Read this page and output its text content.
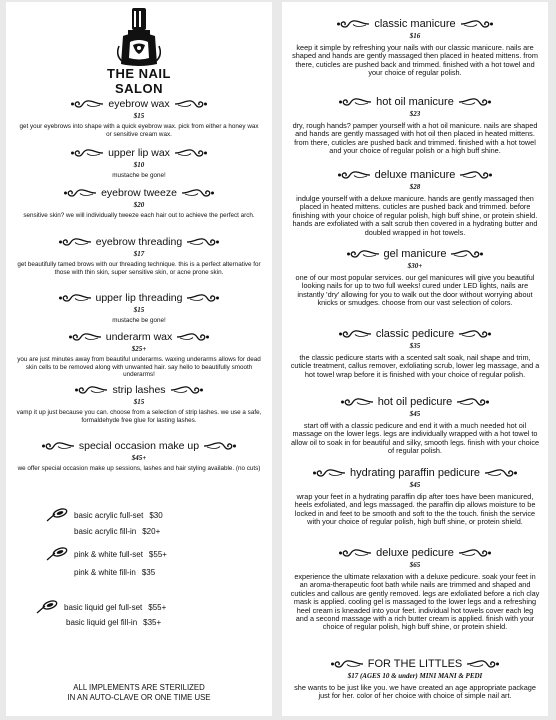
THE NAIL SALON
eyebrow wax
$15
get your eyebrows into shape with a quick eyebrow wax. pick from either a honey wax or sensitive cream wax.
upper lip wax
$10
mustache be gone!
eyebrow tweeze
$20
sensitive skin? we will individually tweeze each hair out to achieve the perfect arch.
eyebrow threading
$17
get beautifully tamed brows with our threading technique. this is a perfect alternative for those with thin skin, super sensitive skin, or acne prone skin.
upper lip threading
$15
mustache be gone!
underarm wax
$25+
you are just minutes away from beautiful underarms. waxing underarms allows for dead skin cells to be removed along with unwanted hair. say hello to beautifully smooth underarms!
strip lashes
$15
vamp it up just because you can. choose from a selection of strip lashes. we use a safe, formaldehyde free glue for lasting lashes.
special occasion make up
$45+
we offer special occasion make up sessions, lashes and hair styling available. (no cuts)
basic acrylic full-set $30
basic acrylic fill-in $20+
pink & white full-set $55+
pink & white fill-in $35
basic liquid gel full-set $55+
basic liquid gel fill-in $35+
ALL IMPLEMENTS ARE STERILIZED
IN AN AUTO-CLAVE OR ONE TIME USE
classic manicure
$16
keep it simple by refreshing your nails with our classic manicure. nails are shaped and hands are gently massaged then placed in heated mittens. from there, cuticles are pushed back and trimmed. finished with a hot towel and your choice of regular polish.
hot oil manicure
$23
dry, rough hands? pamper yourself with a hot oil manicure. nails are shaped and hands are gently massaged with hot oil then placed in heated mittens. from there, cuticles are pushed back and trimmed. finished with a hot towel and your choice of regular polish or a high buff shine.
deluxe manicure
$28
indulge yourself with a deluxe manicure. hands are gently massaged then placed in heated mittens. cuticles are pushed back and trimmed. before finishing with your choice of regular polish, high buff shine, or protein shield. hands are exfoliated with a salt scrub then covered in a hydrating butter and doubled wrapped in hot towels.
gel manicure
$30+
one of our most popular services. our gel manicures will give you beautiful looking nails for up to two full weeks! cured under LED lights, nails are instantly 'dry' allowing for you to walk out the door without worrying about knicks or smudges. choose from our vast selection of colors.
classic pedicure
$35
the classic pedicure starts with a scented salt soak, nail shape and trim, cuticle treatment, callus remover, exfoliating scrub, lower leg massage, and a hot towel wrap before it is finished with your choice of regular polish.
hot oil pedicure
$45
start off with a classic pedicure and end it with a much needed hot oil massage on the lower legs. legs are individually wrapped with a hot towel to allow oil to soak in for beautiful and silky, smooth legs. finish with your choice of regular polish.
hydrating paraffin pedicure
$45
wrap your feet in a hydrating paraffin dip after toes have been manicured, heels exfoliated, and legs massaged. the paraffin dip allows moisture to be locked in and feet to be smooth and soft to the the touch. finish the service with your choice of regular polish, high buff shine, or protein shield.
deluxe pedicure
$65
experience the ultimate relaxation with a deluxe pedicure. soak your feet in an aroma-therapeutic foot bath while nails are trimmed and shaped and cuticles and callous are gently removed. legs are exfoliated before a rich clay mask is applied. cooling gel is massaged to the lower legs and a refreshing heel cream is kneaded into your feet. individual hot towels cover each leg and a second massage with a rich butter cream is applied. finish with your choice of regular polish, high buff shine, or protein shield.
FOR THE LITTLES
$17 (AGES 10 & under) MINI MANI & PEDI
she wants to be just like you. we have created an age appropriate package just for her. color of her choice with choice of simple nail art.
